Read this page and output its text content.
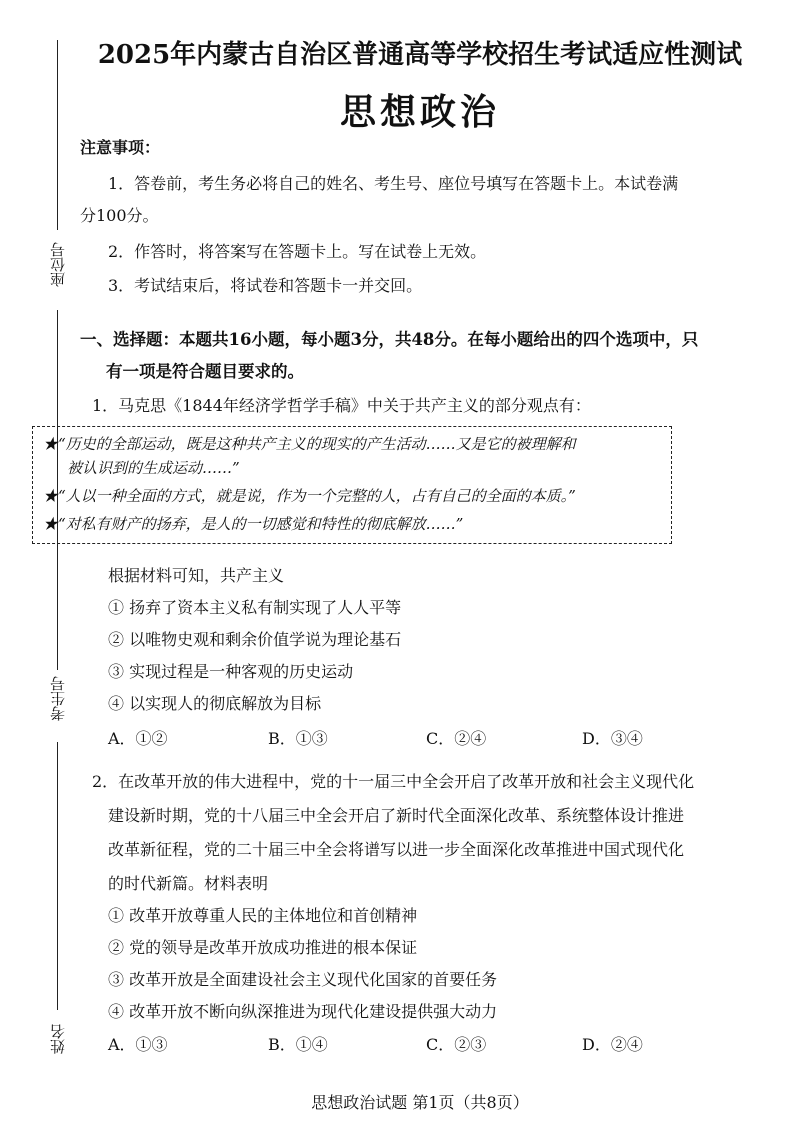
座位号
考生号
姓名
2025年内蒙古自治区普通高等学校招生考试适应性测试
思想政治
注意事项：
1．答卷前，考生务必将自己的姓名、考生号、座位号填写在答题卡上。本试卷满
分100分。
2．作答时，将答案写在答题卡上。写在试卷上无效。
3．考试结束后，将试卷和答题卡一并交回。
一、选择题：本题共16小题，每小题3分，共48分。在每小题给出的四个选项中，只
有一项是符合题目要求的。
1．马克思《1844年经济学哲学手稿》中关于共产主义的部分观点有：
★“历史的全部运动，既是这种共产主义的现实的产生活动……又是它的被理解和
被认识到的生成运动……”
★“人以一种全面的方式，就是说，作为一个完整的人，占有自己的全面的本质。”
★“对私有财产的扬弃，是人的一切感觉和特性的彻底解放……”
根据材料可知，共产主义
① 扬弃了资本主义私有制实现了人人平等
② 以唯物史观和剩余价值学说为理论基石
③ 实现过程是一种客观的历史运动
④ 以实现人的彻底解放为目标
A．①②	B．①③	C．②④	D．③④
2．在改革开放的伟大进程中，党的十一届三中全会开启了改革开放和社会主义现代化
建设新时期，党的十八届三中全会开启了新时代全面深化改革、系统整体设计推进
改革新征程，党的二十届三中全会将谱写以进一步全面深化改革推进中国式现代化
的时代新篇。材料表明
① 改革开放尊重人民的主体地位和首创精神
② 党的领导是改革开放成功推进的根本保证
③ 改革开放是全面建设社会主义现代化国家的首要任务
④ 改革开放不断向纵深推进为现代化建设提供强大动力
A．①③	B．①④	C．②③	D．②④
思想政治试题 第1页（共8页）
